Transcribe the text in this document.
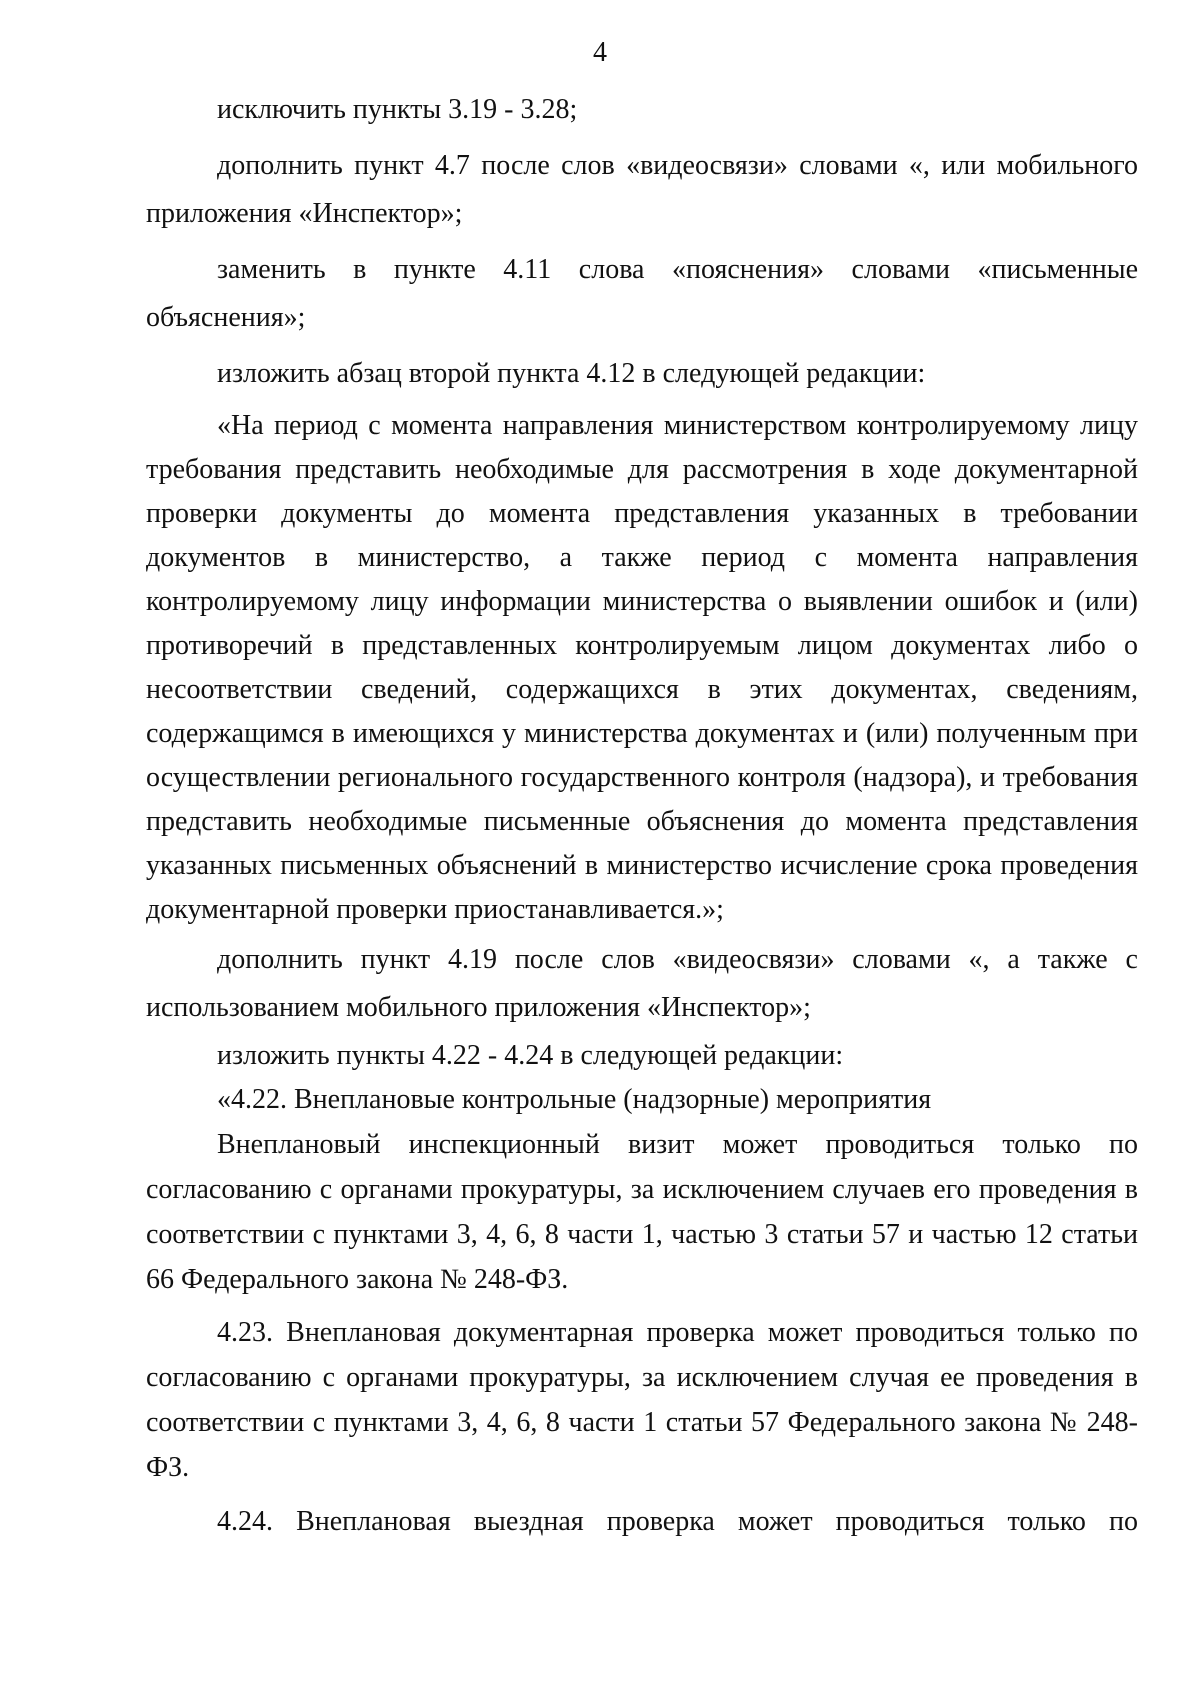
4

исключить пункты 3.19 - 3.28;

дополнить пункт 4.7 после слов «видеосвязи» словами «, или мобильного приложения «Инспектор»;

заменить в пункте 4.11 слова «пояснения» словами «письменные объяснения»;

изложить абзац второй пункта 4.12 в следующей редакции:

«На период с момента направления министерством контролируемому лицу требования представить необходимые для рассмотрения в ходе документарной проверки документы до момента представления указанных в требовании документов в министерство, а также период с момента направления контролируемому лицу информации министерства о выявлении ошибок и (или) противоречий в представленных контролируемым лицом документах либо о несоответствии сведений, содержащихся в этих документах, сведениям, содержащимся в имеющихся у министерства документах и (или) полученным при осуществлении регионального государственного контроля (надзора), и требования представить необходимые письменные объяснения до момента представления указанных письменных объяснений в министерство исчисление срока проведения документарной проверки приостанавливается.»;

дополнить пункт 4.19 после слов «видеосвязи» словами «, а также с использованием мобильного приложения «Инспектор»;

изложить пункты 4.22 - 4.24 в следующей редакции:

«4.22. Внеплановые контрольные (надзорные) мероприятия

Внеплановый инспекционный визит может проводиться только по согласованию с органами прокуратуры, за исключением случаев его проведения в соответствии с пунктами 3, 4, 6, 8 части 1, частью 3 статьи 57 и частью 12 статьи 66 Федерального закона № 248-ФЗ.

4.23. Внеплановая документарная проверка может проводиться только по согласованию с органами прокуратуры, за исключением случая ее проведения в соответствии с пунктами 3, 4, 6, 8 части 1 статьи 57 Федерального закона № 248-ФЗ.

4.24. Внеплановая выездная проверка может проводиться только по
